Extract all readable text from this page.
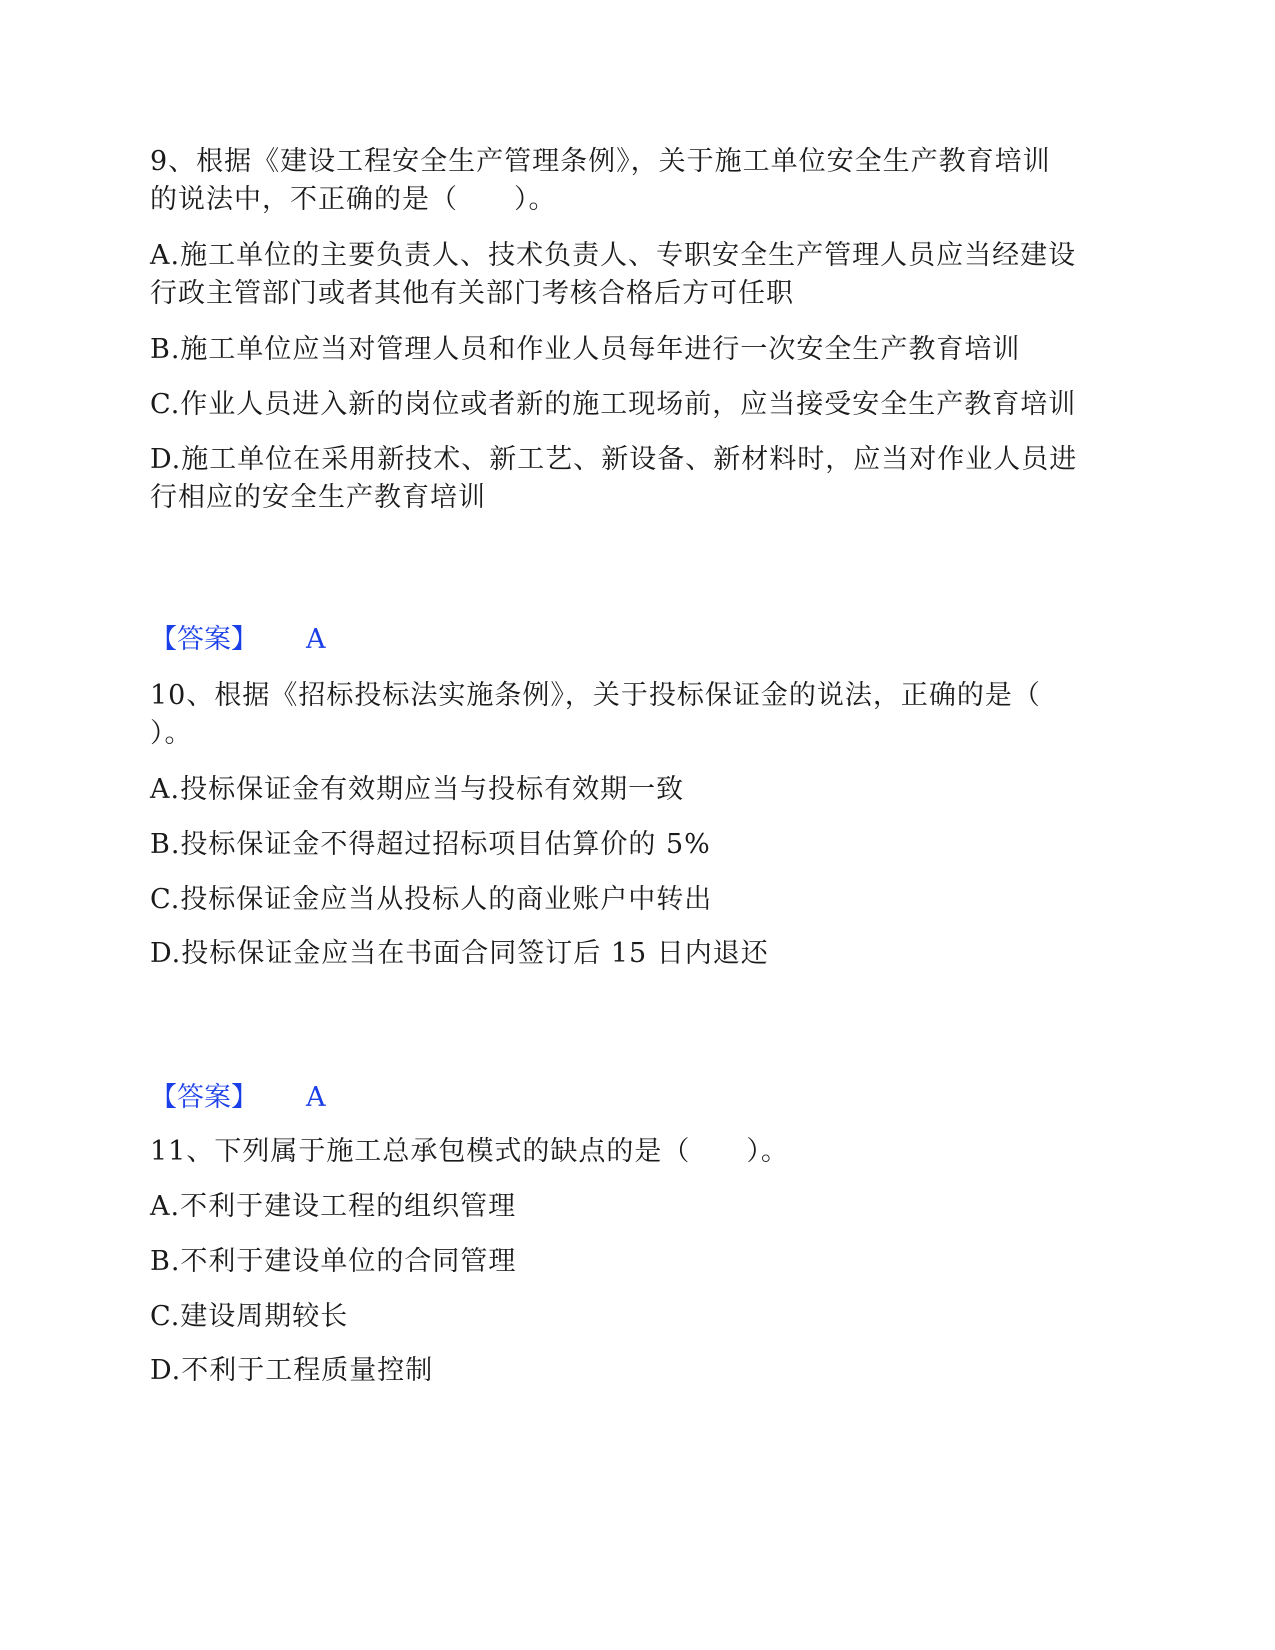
9、根据《建设工程安全生产管理条例》，关于施工单位安全生产教育培训
的说法中，不正确的是（　　）。
A.施工单位的主要负责人、技术负责人、专职安全生产管理人员应当经建设
行政主管部门或者其他有关部门考核合格后方可任职
B.施工单位应当对管理人员和作业人员每年进行一次安全生产教育培训
C.作业人员进入新的岗位或者新的施工现场前，应当接受安全生产教育培训
D.施工单位在采用新技术、新工艺、新设备、新材料时，应当对作业人员进
行相应的安全生产教育培训
【答案】 A
10、根据《招标投标法实施条例》，关于投标保证金的说法，正确的是（
）。
A.投标保证金有效期应当与投标有效期一致
B.投标保证金不得超过招标项目估算价的 5%
C.投标保证金应当从投标人的商业账户中转出
D.投标保证金应当在书面合同签订后 15 日内退还
【答案】 A
11、下列属于施工总承包模式的缺点的是（　　）。
A.不利于建设工程的组织管理
B.不利于建设单位的合同管理
C.建设周期较长
D.不利于工程质量控制
